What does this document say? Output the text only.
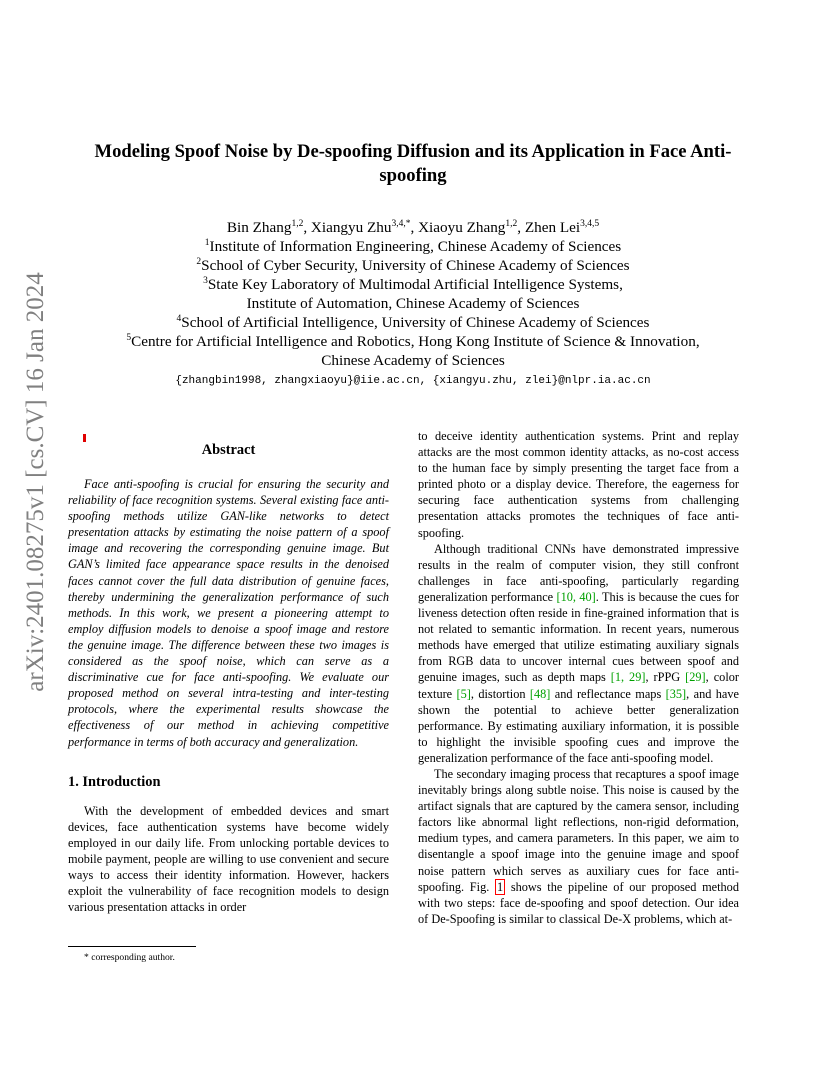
arXiv:2401.08275v1 [cs.CV] 16 Jan 2024
Modeling Spoof Noise by De-spoofing Diffusion and its Application in Face Anti-spoofing
Bin Zhang$^{1,2}$, Xiangyu Zhu$^{3,4,*}$, Xiaoyu Zhang$^{1,2}$, Zhen Lei$^{3,4,5}$
$^1$Institute of Information Engineering, Chinese Academy of Sciences
$^2$School of Cyber Security, University of Chinese Academy of Sciences
$^3$State Key Laboratory of Multimodal Artificial Intelligence Systems,
Institute of Automation, Chinese Academy of Sciences
$^4$School of Artificial Intelligence, University of Chinese Academy of Sciences
$^5$Centre for Artificial Intelligence and Robotics, Hong Kong Institute of Science & Innovation,
Chinese Academy of Sciences
{zhangbin1998, zhangxiaoyu}@iie.ac.cn, {xiangyu.zhu, zlei}@nlpr.ia.ac.cn
Abstract

Face anti-spoofing is crucial for ensuring the security and reliability of face recognition systems. Several existing face anti-spoofing methods utilize GAN-like networks to detect presentation attacks by estimating the noise pattern of a spoof image and recovering the corresponding genuine image. But GAN’s limited face appearance space results in the denoised faces cannot cover the full data distribution of genuine faces, thereby undermining the generalization performance of such methods. In this work, we present a pioneering attempt to employ diffusion models to denoise a spoof image and restore the genuine image. The difference between these two images is considered as the spoof noise, which can serve as a discriminative cue for face anti-spoofing. We evaluate our proposed method on several intra-testing and inter-testing protocols, where the experimental results showcase the effectiveness of our method in achieving competitive performance in terms of both accuracy and generalization.

1. Introduction

With the development of embedded devices and smart devices, face authentication systems have become widely employed in our daily life. From unlocking portable devices to mobile payment, people are willing to use convenient and secure ways to access their identity information. However, hackers exploit the vulnerability of face recognition models to design various presentation attacks in order

to deceive identity authentication systems. Print and replay attacks are the most common identity attacks, as no-cost access to the human face by simply presenting the target face from a printed photo or a display device. Therefore, the eagerness for securing face authentication systems from challenging presentation attacks promotes the techniques of face anti-spoofing.

Although traditional CNNs have demonstrated impressive results in the realm of computer vision, they still confront challenges in face anti-spoofing, particularly regarding generalization performance [10, 40]. This is because the cues for liveness detection often reside in fine-grained information that is not related to semantic information. In recent years, numerous methods have emerged that utilize estimating auxiliary signals from RGB data to uncover internal cues between spoof and genuine images, such as depth maps [1, 29], rPPG [29], color texture [5], distortion [48] and reflectance maps [35], and have shown the potential to achieve better generalization performance. By estimating auxiliary information, it is possible to highlight the invisible spoofing cues and improve the generalization performance of the face anti-spoofing model.

The secondary imaging process that recaptures a spoof image inevitably brings along subtle noise. This noise is caused by the artifact signals that are captured by the camera sensor, including factors like abnormal light reflections, non-rigid deformation, medium types, and camera parameters. In this paper, we aim to disentangle a spoof image into the genuine image and spoof noise pattern which serves as auxiliary cues for face anti-spoofing. Fig. 1 shows the pipeline of our proposed method with two steps: face de-spoofing and spoof detection. Our idea of De-Spoofing is similar to classical De-X problems, which at-

* corresponding author.
